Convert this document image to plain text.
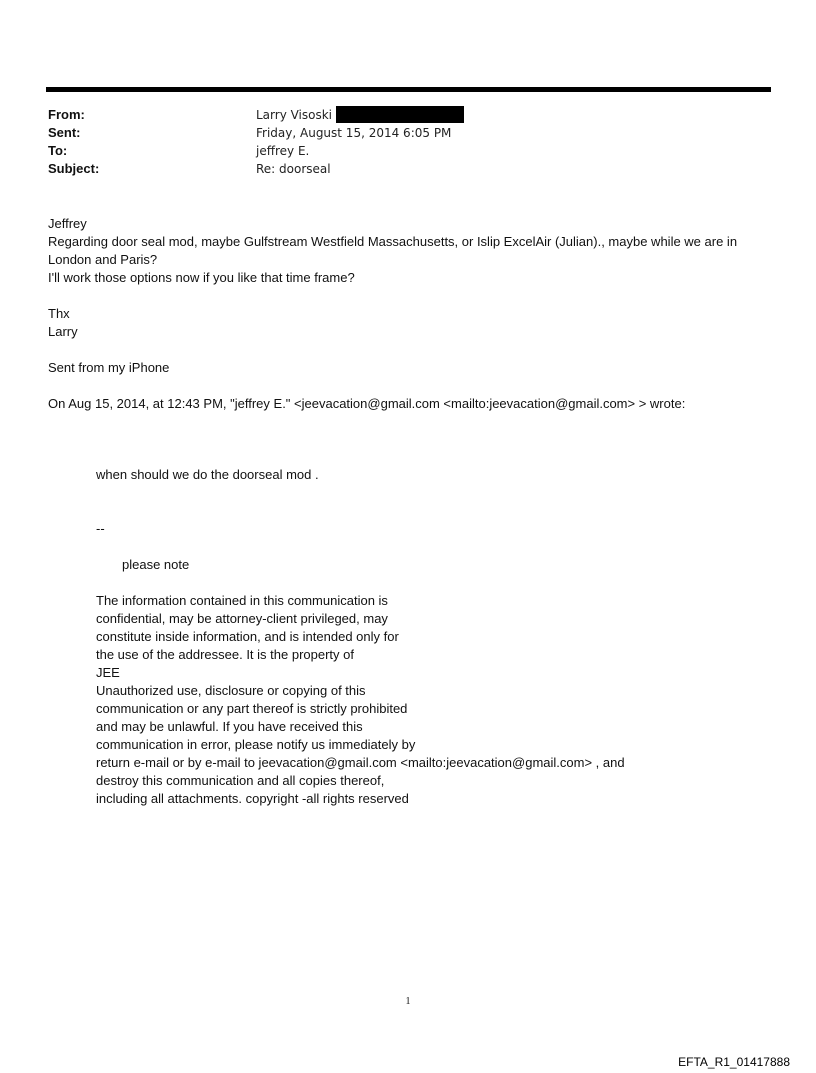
From:	Larry Visoski
Sent:	Friday, August 15, 2014 6:05 PM
To:	jeffrey E.
Subject:	Re: doorseal

Jeffrey

Regarding door seal mod, maybe Gulfstream Westfield Massachusetts, or Islip ExcelAir (Julian)., maybe while we are in

London and Paris?

I'll work those options now if you like that time frame?

Thx

Larry

Sent from my iPhone

On Aug 15, 2014, at 12:43 PM, "jeffrey E." <jeevacation@gmail.com <mailto:jeevacation@gmail.com> > wrote:

when should we do the doorseal mod .

--

please note

The information contained in this communication is

confidential, may be attorney-client privileged, may

constitute inside information, and is intended only for

the use of the addressee. It is the property of

JEE

Unauthorized use, disclosure or copying of this

communication or any part thereof is strictly prohibited

and may be unlawful. If you have received this

communication in error, please notify us immediately by

return e-mail or by e-mail to jeevacation@gmail.com <mailto:jeevacation@gmail.com> , and

destroy this communication and all copies thereof,

including all attachments. copyright -all rights reserved

1
EFTA_R1_01417888
